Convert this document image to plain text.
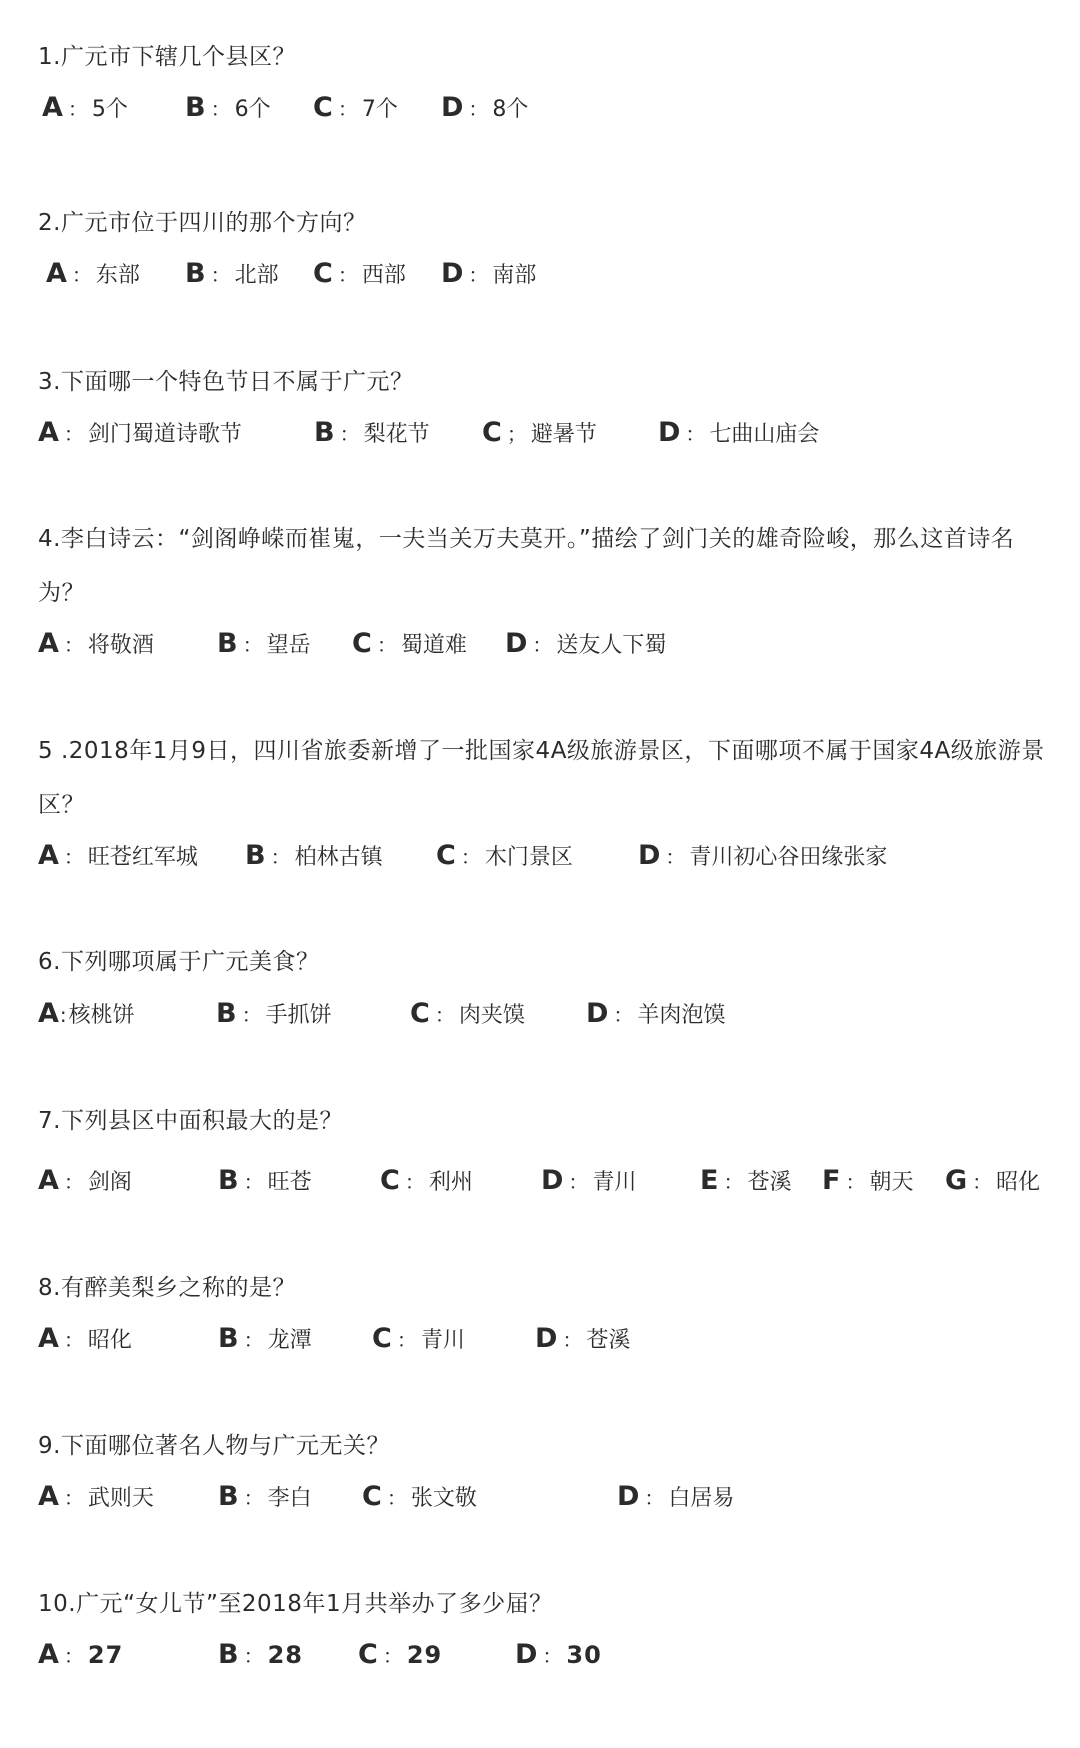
1.广元市下辖几个县区？
A ： 5个 B ： 6个 C ： 7个 D ： 8个
2.广元市位于四川的那个方向？
A ： 东部 B ： 北部 C ： 西部 D ： 南部
3.下面哪一个特色节日不属于广元？
A ： 剑门蜀道诗歌节	B ： 梨花节 C ； 避暑节 D ： 七曲山庙会
4.李白诗云：“剑阁峥嵘而崔嵬，一夫当关万夫莫开。”描绘了剑门关的雄奇险峻，那么这首诗名为？
A ： 将敬酒 B ： 望岳 C ： 蜀道难 D ： 送友人下蜀
5 .2018年1月9日，四川省旅委新增了一批国家4A级旅游景区，下面哪项不属于国家4A级旅游景区？
A ： 旺苍红军城 B ： 柏林古镇 C ： 木门景区 D ： 青川初心谷田缘张家
6.下列哪项属于广元美食？
A:核桃饼	B ： 手抓饼	C ： 肉夹馍 D ： 羊肉泡馍
7.下列县区中面积最大的是？
A ： 剑阁	B ： 旺苍	C ： 利州	D ： 青川 E ： 苍溪 F ： 朝天 G ： 昭化
8.有醉美梨乡之称的是？
A ： 昭化	B ： 龙潭 C ： 青川	D ： 苍溪
9.下面哪位著名人物与广元无关？
A ： 武则天 B ： 李白 C ： 张文敬	D ： 白居易
10.广元“女儿节”至2018年1月共举办了多少届？
A ： 27	B ： 28 C ： 29	D ： 30
